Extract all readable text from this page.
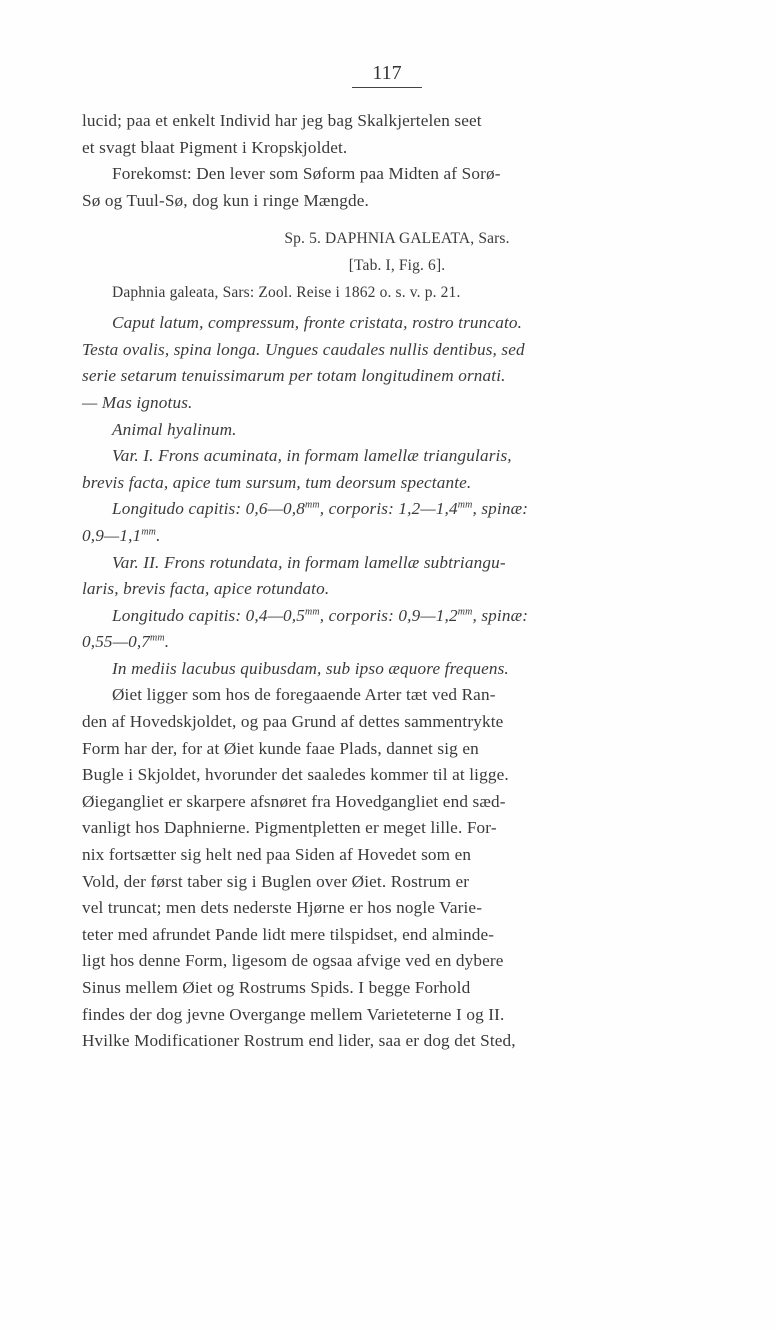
117
lucid; paa et enkelt Individ har jeg bag Skalkjertelen seet
et svagt blaat Pigment i Kropskjoldet.
Forekomst: Den lever som Søform paa Midten af Sorø-
Sø og Tuul-Sø, dog kun i ringe Mængde.
Sp. 5. DAPHNIA GALEATA, Sars.
[Tab. I, Fig. 6].
Daphnia galeata, Sars: Zool. Reise i 1862 o. s. v. p. 21.
Caput latum, compressum, fronte cristata, rostro truncato.
Testa ovalis, spina longa. Ungues caudales nullis dentibus, sed
serie setarum tenuissimarum per totam longitudinem ornati.
— Mas ignotus.
Animal hyalinum.
Var. I. Frons acuminata, in formam lamellæ triangularis,
brevis facta, apice tum sursum, tum deorsum spectante.
Longitudo capitis: $0,6—0,8^{mm}$, corporis: $1,2—1,4^{mm}$, spinæ:
$0,9—1,1^{mm}$.
Var. II. Frons rotundata, in formam lamellæ subtriangu-
laris, brevis facta, apice rotundato.
Longitudo capitis: $0,4—0,5^{mm}$, corporis: $0,9—1,2^{mm}$, spinæ:
$0,55—0,7^{mm}$.
In mediis lacubus quibusdam, sub ipso æquore frequens.
Øiet ligger som hos de foregaaende Arter tæt ved Ran-
den af Hovedskjoldet, og paa Grund af dettes sammentrykte
Form har der, for at Øiet kunde faae Plads, dannet sig en
Bugle i Skjoldet, hvorunder det saaledes kommer til at ligge.
Øiegangliet er skarpere afsnøret fra Hovedgangliet end sæd-
vanligt hos Daphnierne. Pigmentpletten er meget lille. For-
nix fortsætter sig helt ned paa Siden af Hovedet som en
Vold, der først taber sig i Buglen over Øiet. Rostrum er
vel truncat; men dets nederste Hjørne er hos nogle Varie-
teter med afrundet Pande lidt mere tilspidset, end alminde-
ligt hos denne Form, ligesom de ogsaa afvige ved en dybere
Sinus mellem Øiet og Rostrums Spids. I begge Forhold
findes der dog jevne Overgange mellem Varieteterne I og II.
Hvilke Modificationer Rostrum end lider, saa er dog det Sted,
